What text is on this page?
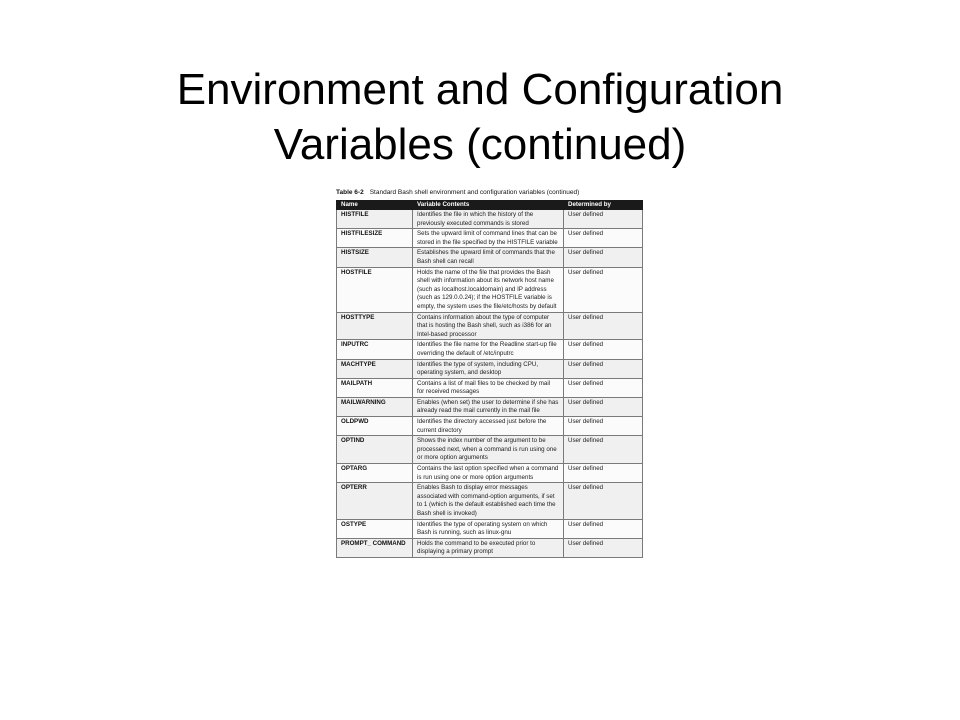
Environment and Configuration
Variables (continued)
Table 6-2 Standard Bash shell environment and configuration variables (continued)
Name	Variable Contents	Determined by
HISTFILE	Identifies the file in which the history of the previously executed commands is stored	User defined
HISTFILESIZE	Sets the upward limit of command lines that can be stored in the file specified by the HISTFILE variable	User defined
HISTSIZE	Establishes the upward limit of commands that the Bash shell can recall	User defined
HOSTFILE	Holds the name of the file that provides the Bash shell with information about its network host name (such as localhost.localdomain) and IP address (such as 129.0.0.24); if the HOSTFILE variable is empty, the system uses the file/etc/hosts by default	User defined
HOSTTYPE	Contains information about the type of computer that is hosting the Bash shell, such as i386 for an Intel-based processor	User defined
INPUTRC	Identifies the file name for the Readline start-up file overriding the default of /etc/inputrc	User defined
MACHTYPE	Identifies the type of system, including CPU, operating system, and desktop	User defined
MAILPATH	Contains a list of mail files to be checked by mail for received messages	User defined
MAILWARNING	Enables (when set) the user to determine if she has already read the mail currently in the mail file	User defined
OLDPWD	Identifies the directory accessed just before the current directory	User defined
OPTIND	Shows the index number of the argument to be processed next, when a command is run using one or more option arguments	User defined
OPTARG	Contains the last option specified when a command is run using one or more option arguments	User defined
OPTERR	Enables Bash to display error messages associated with command-option arguments, if set to 1 (which is the default established each time the Bash shell is invoked)	User defined
OSTYPE	Identifies the type of operating system on which Bash is running, such as linux-gnu	User defined
PROMPT_ COMMAND	Holds the command to be executed prior to displaying a primary prompt	User defined
